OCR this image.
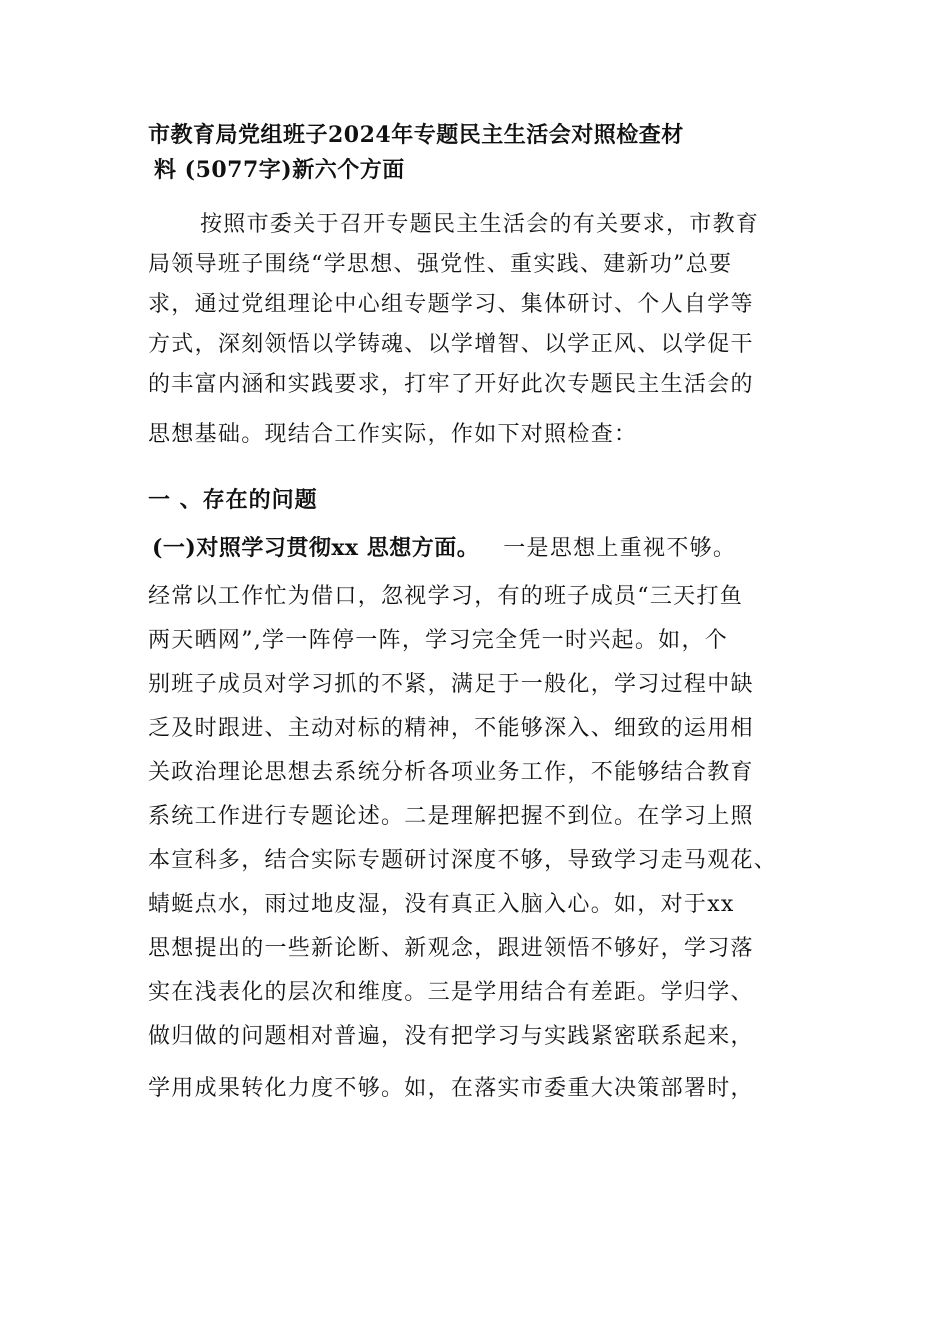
市教育局党组班子2024年专题民主生活会对照检查材
料 (5077字)新六个方面
按照市委关于召开专题民主生活会的有关要求，市教育
局领导班子围绕“学思想、强党性、重实践、建新功”总要
求，通过党组理论中心组专题学习、集体研讨、个人自学等
方式，深刻领悟以学铸魂、以学增智、以学正风、以学促干
的丰富内涵和实践要求，打牢了开好此次专题民主生活会的
思想基础。现结合工作实际，作如下对照检查：
一 、存在的问题
(一)对照学习贯彻xx 思想方面。 一是思想上重视不够。
经常以工作忙为借口，忽视学习，有的班子成员“三天打鱼
两天晒网”,学一阵停一阵，学习完全凭一时兴起。如，个
别班子成员对学习抓的不紧，满足于一般化，学习过程中缺
乏及时跟进、主动对标的精神，不能够深入、细致的运用相
关政治理论思想去系统分析各项业务工作，不能够结合教育
系统工作进行专题论述。二是理解把握不到位。在学习上照
本宣科多，结合实际专题研讨深度不够，导致学习走马观花、
蜻蜓点水，雨过地皮湿，没有真正入脑入心。如，对于xx
思想提出的一些新论断、新观念，跟进领悟不够好，学习落
实在浅表化的层次和维度。三是学用结合有差距。学归学、
做归做的问题相对普遍，没有把学习与实践紧密联系起来，
学用成果转化力度不够。如，在落实市委重大决策部署时，
